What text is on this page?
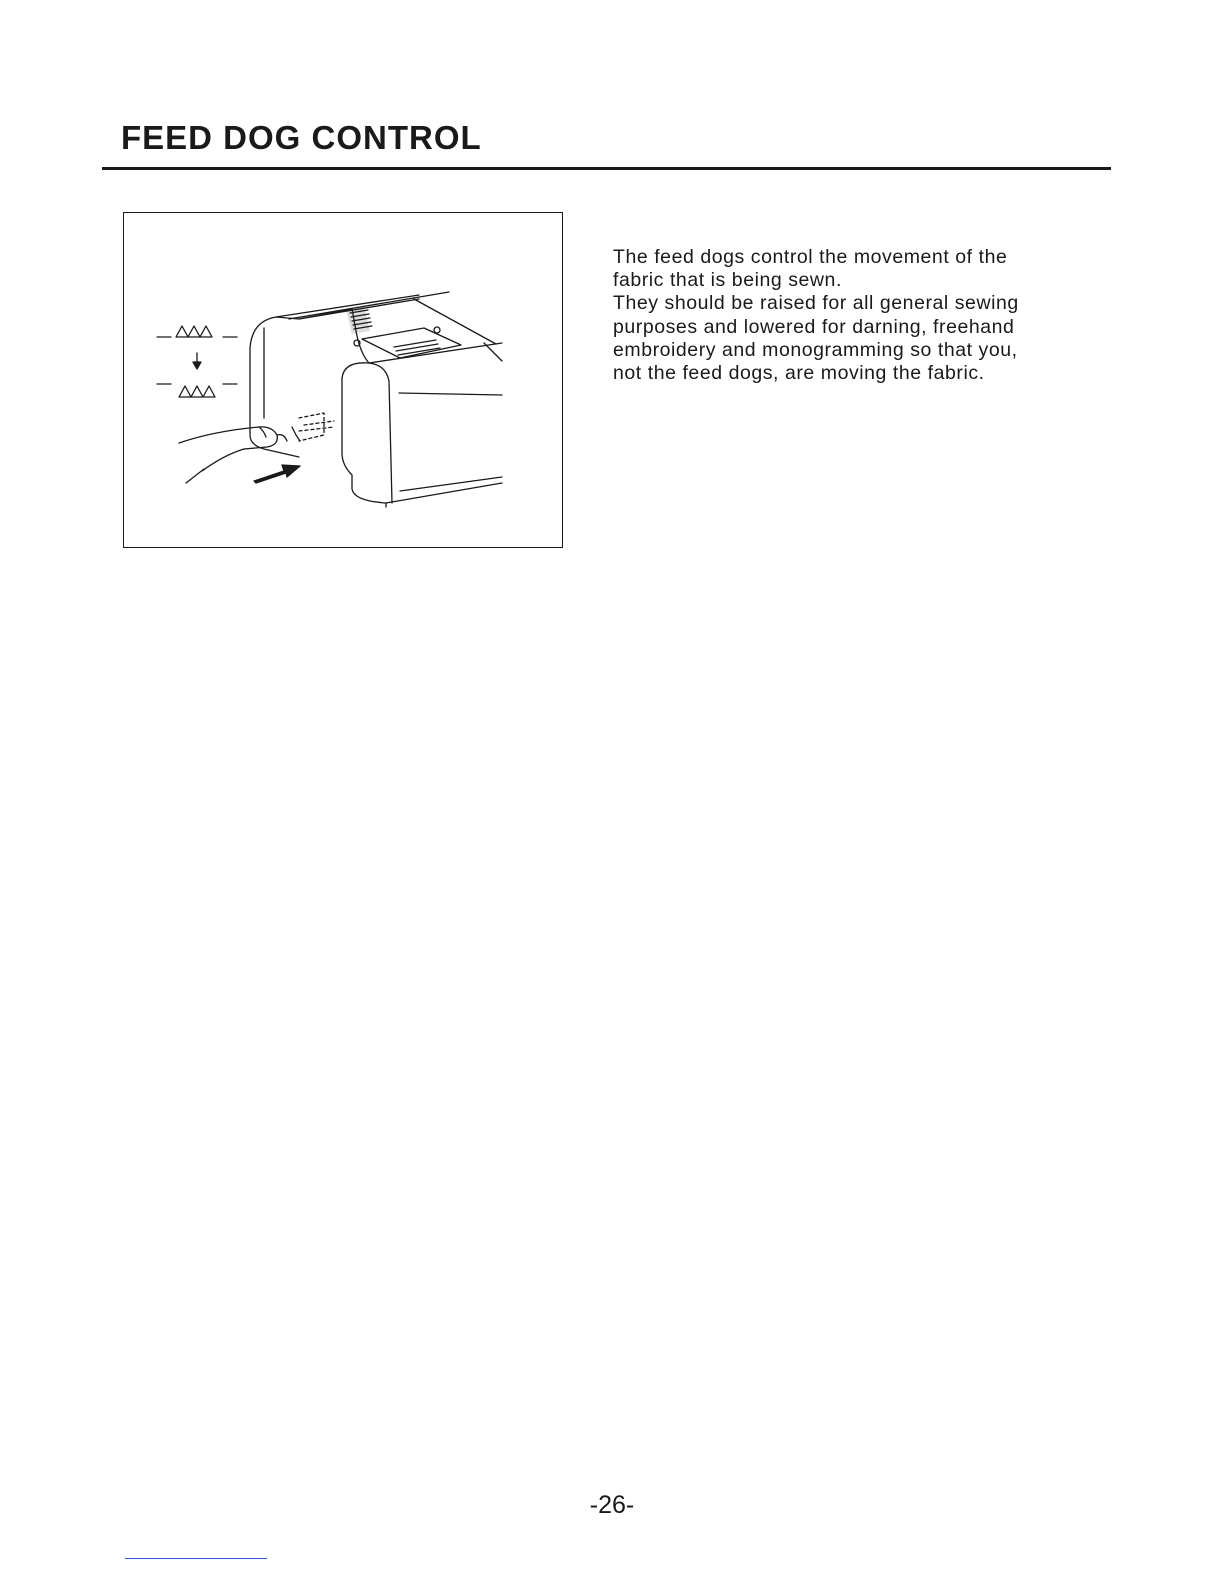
FEED DOG CONTROL

The feed dogs control the movement of the
fabric that is being sewn.
They should be raised for all general sewing
purposes and lowered for darning, freehand
embroidery and monogramming so that you,
not the feed dogs, are moving the fabric.

-26-
